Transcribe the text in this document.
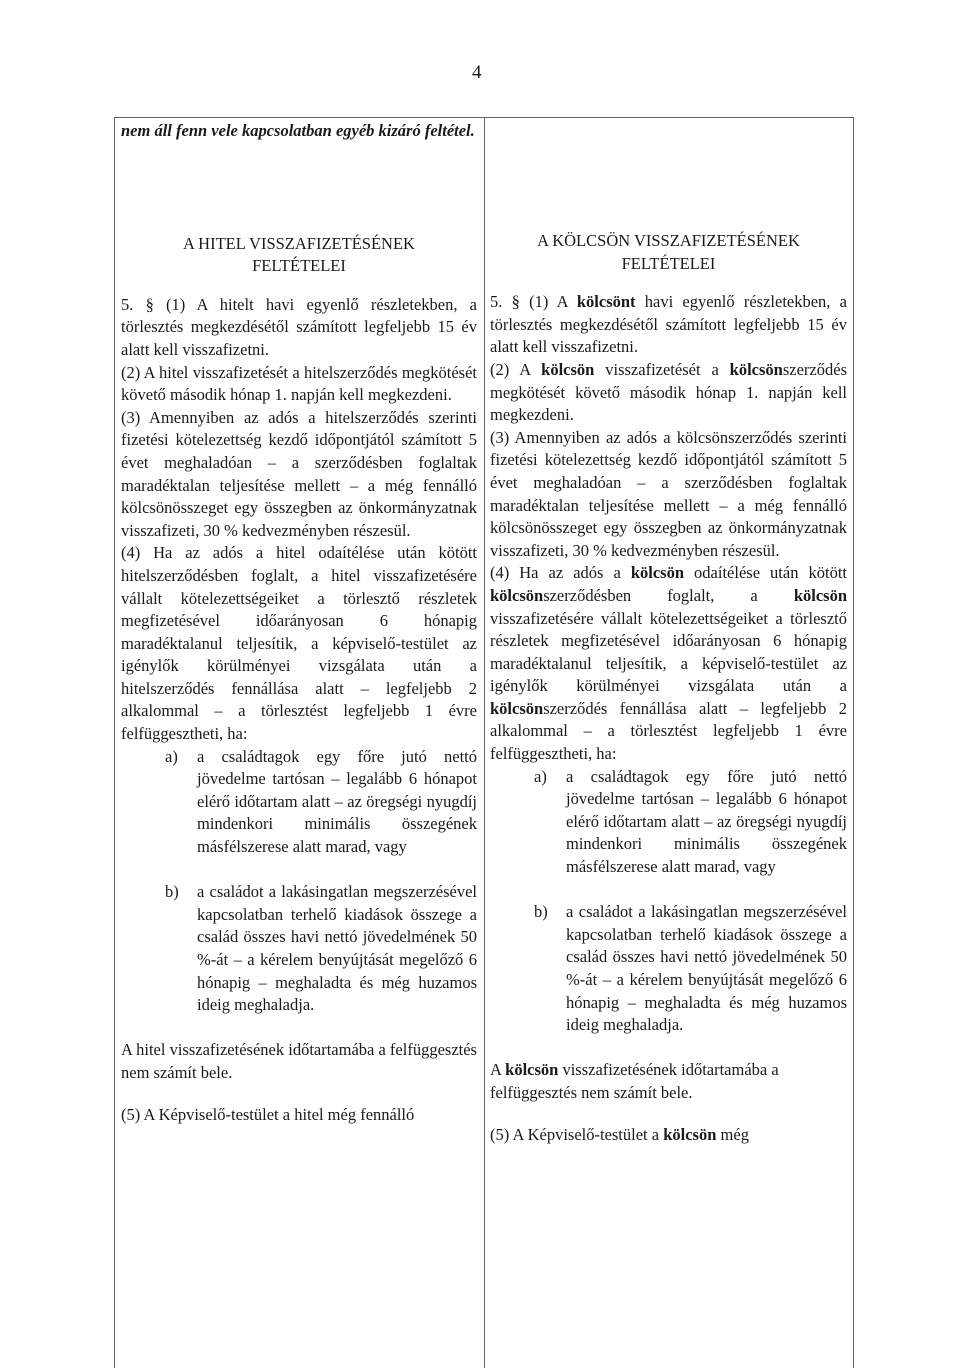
4

nem áll fenn vele kapcsolatban egyéb kizáró feltétel.

A HITEL VISSZAFIZETÉSÉNEK

FELTÉTELEI

5. § (1) A hitelt havi egyenlő részletekben, a törlesztés megkezdésétől számított legfeljebb 15 év alatt kell visszafizetni.

(2) A hitel visszafizetését a hitelszerződés megkötését követő második hónap 1. napján kell megkezdeni.

(3) Amennyiben az adós a hitelszerződés szerinti fizetési kötelezettség kezdő időpontjától számított 5 évet meghaladóan – a szerződésben foglaltak maradéktalan teljesítése mellett – a még fennálló kölcsönösszeget egy összegben az önkormányzatnak visszafizeti, 30 % kedvezményben részesül.

(4) Ha az adós a hitel odaítélése után kötött hitelszerződésben foglalt, a hitel visszafizetésére vállalt kötelezettségeiket a törlesztő részletek megfizetésével időarányosan 6 hónapig maradéktalanul teljesítik, a képviselő-testület az igénylők körülményei vizsgálata után a hitelszerződés fennállása alatt – legfeljebb 2 alkalommal – a törlesztést legfeljebb 1 évre felfüggesztheti, ha:

a) a családtagok egy főre jutó nettó jövedelme tartósan – legalább 6 hónapot elérő időtartam alatt – az öregségi nyugdíj mindenkori minimális összegének másfélszerese alatt marad, vagy

b) a családot a lakásingatlan megszerzésével kapcsolatban terhelő kiadások összege a család összes havi nettó jövedelmének 50 %-át – a kérelem benyújtását megelőző 6 hónapig – meghaladta és még huzamos ideig meghaladja.

A hitel visszafizetésének időtartamába a felfüggesztés nem számít bele.

(5) A Képviselő-testület a hitel még fennálló

A KÖLCSÖN VISSZAFIZETÉSÉNEK

FELTÉTELEI

5. § (1) A kölcsönt havi egyenlő részletekben, a törlesztés megkezdésétől számított legfeljebb 15 év alatt kell visszafizetni.

(2) A kölcsön visszafizetését a kölcsönszerződés megkötését követő második hónap 1. napján kell megkezdeni.

(3) Amennyiben az adós a kölcsönszerződés szerinti fizetési kötelezettség kezdő időpontjától számított 5 évet meghaladóan – a szerződésben foglaltak maradéktalan teljesítése mellett – a még fennálló kölcsönösszeget egy összegben az önkormányzatnak visszafizeti, 30 % kedvezményben részesül.

(4) Ha az adós a kölcsön odaítélése után kötött kölcsönszerződésben foglalt, a kölcsön visszafizetésére vállalt kötelezettségeiket a törlesztő részletek megfizetésével időarányosan 6 hónapig maradéktalanul teljesítik, a képviselő-testület az igénylők körülményei vizsgálata után a kölcsönszerződés fennállása alatt – legfeljebb 2 alkalommal – a törlesztést legfeljebb 1 évre felfüggesztheti, ha:

a) a családtagok egy főre jutó nettó jövedelme tartósan – legalább 6 hónapot elérő időtartam alatt – az öregségi nyugdíj mindenkori minimális összegének másfélszerese alatt marad, vagy

b) a családot a lakásingatlan megszerzésével kapcsolatban terhelő kiadások összege a család összes havi nettó jövedelmének 50 %-át – a kérelem benyújtását megelőző 6 hónapig – meghaladta és még huzamos ideig meghaladja.

A kölcsön visszafizetésének időtartamába a felfüggesztés nem számít bele.

(5) A Képviselő-testület a kölcsön még
